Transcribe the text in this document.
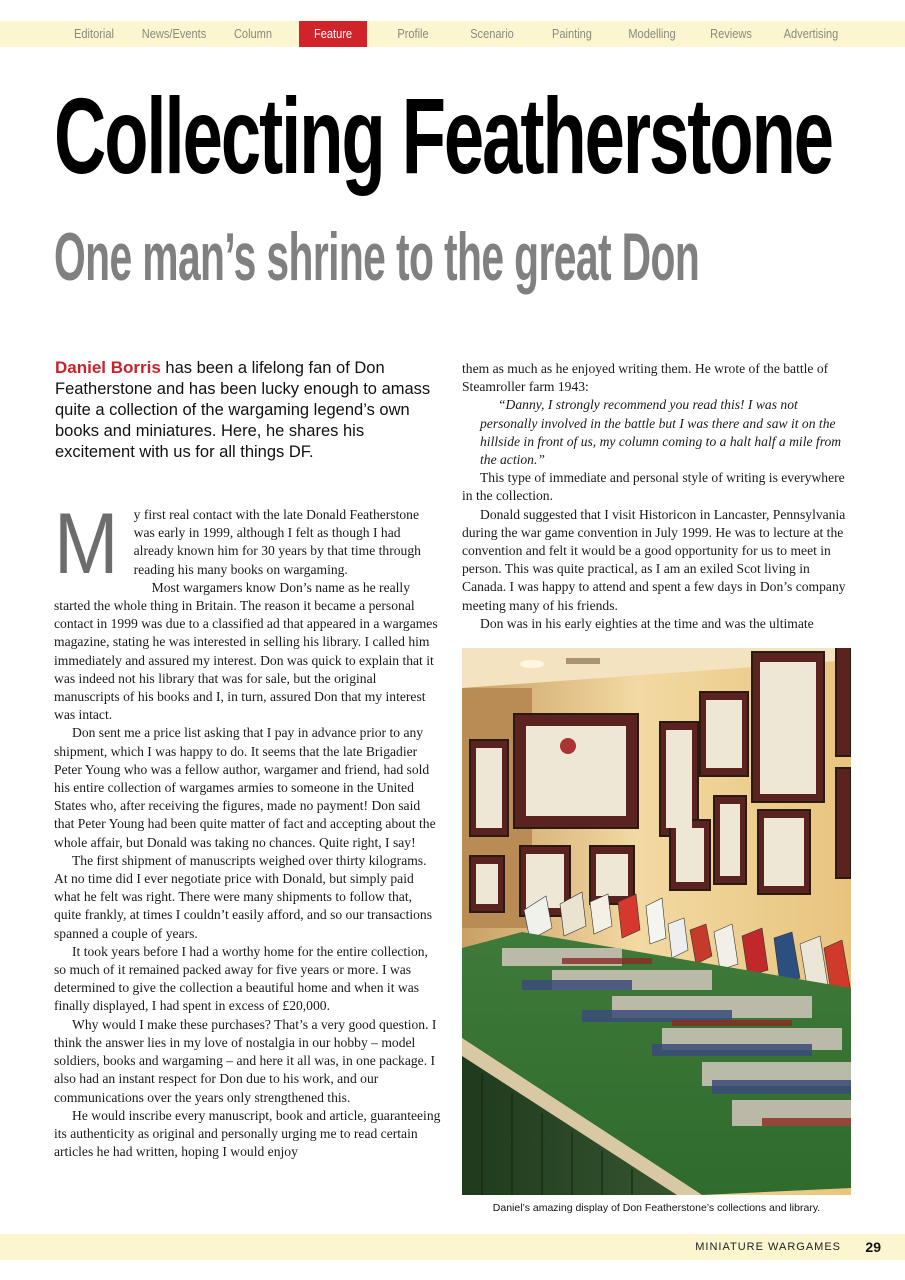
Editorial	News/Events	Column	Feature	Profile	Scenario	Painting	Modelling	Reviews	Advertising
Collecting Featherstone
One man’s shrine to the great Don
Daniel Borris has been a lifelong fan of Don Featherstone and has been lucky enough to amass quite a collection of the wargaming legend’s own books and miniatures. Here, he shares his excitement with us for all things DF.

M y first real contact with the late Donald Featherstone was early in 1999, although I felt as though I had already known him for 30 years by that time through reading his many books on wargaming.

Most wargamers know Don’s name as he really started the whole thing in Britain. The reason it became a personal contact in 1999 was due to a classified ad that appeared in a wargames magazine, stating he was interested in selling his library. I called him immediately and assured my interest. Don was quick to explain that it was indeed not his library that was for sale, but the original manuscripts of his books and I, in turn, assured Don that my interest was intact.

Don sent me a price list asking that I pay in advance prior to any shipment, which I was happy to do. It seems that the late Brigadier Peter Young who was a fellow author, wargamer and friend, had sold his entire collection of wargames armies to someone in the United States who, after receiving the figures, made no payment! Don said that Peter Young had been quite matter of fact and accepting about the whole affair, but Donald was taking no chances. Quite right, I say!

The first shipment of manuscripts weighed over thirty kilograms. At no time did I ever negotiate price with Donald, but simply paid what he felt was right. There were many shipments to follow that, quite frankly, at times I couldn’t easily afford, and so our transactions spanned a couple of years.

It took years before I had a worthy home for the entire collection, so much of it remained packed away for five years or more. I was determined to give the collection a beautiful home and when it was finally displayed, I had spent in excess of £20,000.

Why would I make these purchases? That’s a very good question. I think the answer lies in my love of nostalgia in our hobby – model soldiers, books and wargaming – and here it all was, in one package. I also had an instant respect for Don due to his work, and our communications over the years only strengthened this.

He would inscribe every manuscript, book and article, guaranteeing its authenticity as original and personally urging me to read certain articles he had written, hoping I would enjoy

them as much as he enjoyed writing them. He wrote of the battle of Steamroller farm 1943:

“Danny, I strongly recommend you read this! I was not personally involved in the battle but I was there and saw it on the hillside in front of us, my column coming to a halt half a mile from the action.”

This type of immediate and personal style of writing is everywhere in the collection.

Donald suggested that I visit Historicon in Lancaster, Pennsylvania during the war game convention in July 1999. He was to lecture at the convention and felt it would be a good opportunity for us to meet in person. This was quite practical, as I am an exiled Scot living in Canada. I was happy to attend and spent a few days in Don’s company meeting many of his friends.

Don was in his early eighties at the time and was the ultimate

Daniel’s amazing display of Don Featherstone’s collections and library.
MINIATURE WARGAMES 29
